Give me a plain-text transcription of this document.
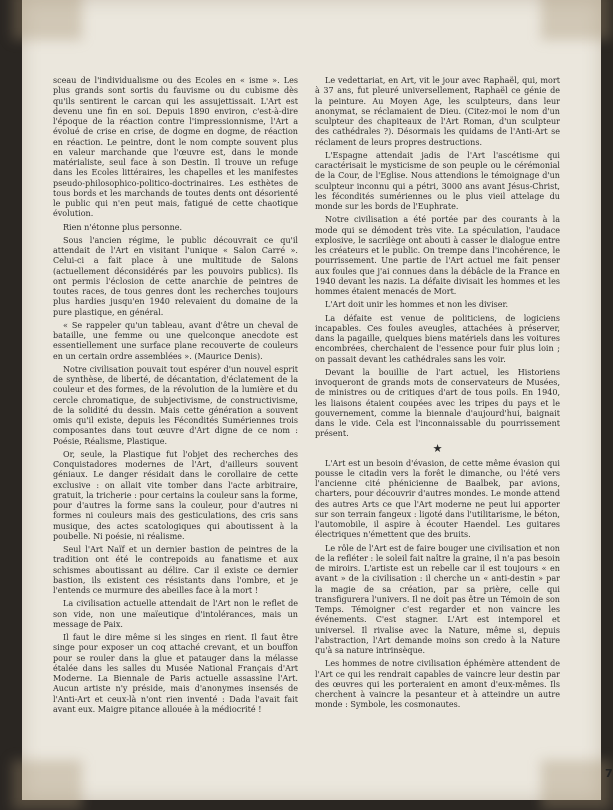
sceau de l'individualisme ou des Ecoles en « isme ». Les plus grands sont sortis du fauvisme ou du cubisme dès qu'ils sentirent le carcan qui les assujettissait. L'Art est devenu une fin en soi. Depuis 1890 environ, c'est-à-dire l'époque de la réaction contre l'impressionnisme, l'Art a évolué de crise en crise, de dogme en dogme, de réaction en réaction. Le peintre, dont le nom compte souvent plus en valeur marchande que l'œuvre est, dans le monde matérialiste, seul face à son Destin. Il trouve un refuge dans les Ecoles littéraires, les chapelles et les manifestes pseudo-philosophico-politico-doctrinaires. Les esthètes de tous bords et les marchands de toutes dents ont désorienté le public qui n'en peut mais, fatigué de cette chaotique évolution.

Rien n'étonne plus personne.

Sous l'ancien régime, le public découvrait ce qu'il attendait de l'Art en visitant l'unique « Salon Carré ». Celui-ci a fait place à une multitude de Salons (actuellement déconsidérés par les pouvoirs publics). Ils ont permis l'éclosion de cette anarchie de peintres de toutes races, de tous genres dont les recherches toujours plus hardies jusqu'en 1940 relevaient du domaine de la pure plastique, en général.

« Se rappeler qu'un tableau, avant d'être un cheval de bataille, une femme ou une quelconque anecdote est essentiellement une surface plane recouverte de couleurs en un certain ordre assemblées ». (Maurice Denis).

Notre civilisation pouvait tout espérer d'un nouvel esprit de synthèse, de liberté, de décantation, d'éclatement de la couleur et des formes, de la révolution de la lumière et du cercle chromatique, de subjectivisme, de constructivisme, de la solidité du dessin. Mais cette génération a souvent omis qu'il existe, depuis les Fécondités Sumériennes trois composantes dans tout œuvre d'Art digne de ce nom : Poésie, Réalisme, Plastique.

Or, seule, la Plastique fut l'objet des recherches des Conquistadores modernes de l'Art, d'ailleurs souvent géniaux. Le danger résidait dans le corollaire de cette exclusive : on allait vite tomber dans l'acte arbitraire, gratuit, la tricherie : pour certains la couleur sans la forme, pour d'autres la forme sans la couleur, pour d'autres ni formes ni couleurs mais des gesticulations, des cris sans musique, des actes scatologiques qui aboutissent à la poubelle. Ni poésie, ni réalisme.

Seul l'Art Naïf et un dernier bastion de peintres de la tradition ont été le contrepoids au fanatisme et aux schismes aboutissant au délire. Car il existe ce dernier bastion, ils existent ces résistants dans l'ombre, et je l'entends ce murmure des abeilles face à la mort !

La civilisation actuelle attendait de l'Art non le reflet de son vide, non une maïeutique d'intolérances, mais un message de Paix.

Il faut le dire même si les singes en rient. Il faut être singe pour exposer un coq attaché crevant, et un bouffon pour se rouler dans la glue et patauger dans la mélasse étalée dans les salles du Musée National Français d'Art Moderne. La Biennale de Paris actuelle assassine l'Art. Aucun artiste n'y préside, mais d'anonymes insensés de l'Anti-Art et ceux-là n'ont rien inventé : Dada l'avait fait avant eux. Maigre pitance allouée à la médiocrité !

Le vedettariat, en Art, vit le jour avec Raphaël, qui, mort à 37 ans, fut pleuré universellement, Raphaël ce génie de la peinture. Au Moyen Age, les sculpteurs, dans leur anonymat, se réclamaient de Dieu. (Citez-moi le nom d'un sculpteur des chapiteaux de l'Art Roman, d'un sculpteur des cathédrales ?). Désormais les quidams de l'Anti-Art se réclament de leurs propres destructions.

L'Espagne attendait jadis de l'Art l'ascétisme qui caractérisait le mysticisme de son peuple ou le cérémonial de la Cour, de l'Eglise. Nous attendions le témoignage d'un sculpteur inconnu qui a pétri, 3000 ans avant Jésus-Christ, les fécondités sumériennes ou le plus vieil attelage du monde sur les bords de l'Euphrate.

Notre civilisation a été portée par des courants à la mode qui se démodent très vite. La spéculation, l'audace explosive, le sacrilège ont abouti à casser le dialogue entre les créateurs et le public. On trempe dans l'incohérence, le pourrissement. Une partie de l'Art actuel me fait penser aux foules que j'ai connues dans la débâcle de la France en 1940 devant les nazis. La défaite divisait les hommes et les hommes étaient menacés de Mort.

L'Art doit unir les hommes et non les diviser.

La défaite est venue de politiciens, de logiciens incapables. Ces foules aveugles, attachées à préserver, dans la pagaille, quelques biens matériels dans les voitures encombrées, cherchaient de l'essence pour fuir plus loin ; on passait devant les cathédrales sans les voir.

Devant la bouillie de l'art actuel, les Historiens invoqueront de grands mots de conservateurs de Musées, de ministres ou de critiques d'art de tous poils. En 1940, les liaisons étaient coupées avec les tripes du pays et le gouvernement, comme la biennale d'aujourd'hui, baignait dans le vide. Cela est l'inconnaissable du pourrissement présent.

★

L'Art est un besoin d'évasion, de cette même évasion qui pousse le citadin vers la forêt le dimanche, ou l'été vers l'ancienne cité phénicienne de Baalbek, par avions, charters, pour découvrir d'autres mondes. Le monde attend des autres Arts ce que l'Art moderne ne peut lui apporter sur son terrain fangeux : ligoté dans l'utilitarisme, le béton, l'automobile, il aspire à écouter Haendel. Les guitares électriques n'émettent que des bruits.

Le rôle de l'Art est de faire bouger une civilisation et non de la refléter : le soleil fait naître la graine, il n'a pas besoin de miroirs. L'artiste est un rebelle car il est toujours « en avant » de la civilisation : il cherche un « anti-destin » par la magie de sa création, par sa prière, celle qui transfigurera l'univers. Il ne doit pas être un Témoin de son Temps. Témoigner c'est regarder et non vaincre les événements. C'est stagner. L'Art est intemporel et universel. Il rivalise avec la Nature, même si, depuis l'abstraction, l'Art demande moins son credo à la Nature qu'à sa nature intrinsèque.

Les hommes de notre civilisation éphémère attendent de l'Art ce qui les rendrait capables de vaincre leur destin par des œuvres qui les porteraient en amont d'eux-mêmes. Ils cherchent à vaincre la pesanteur et à atteindre un autre monde : Symbole, les cosmonautes.

7
